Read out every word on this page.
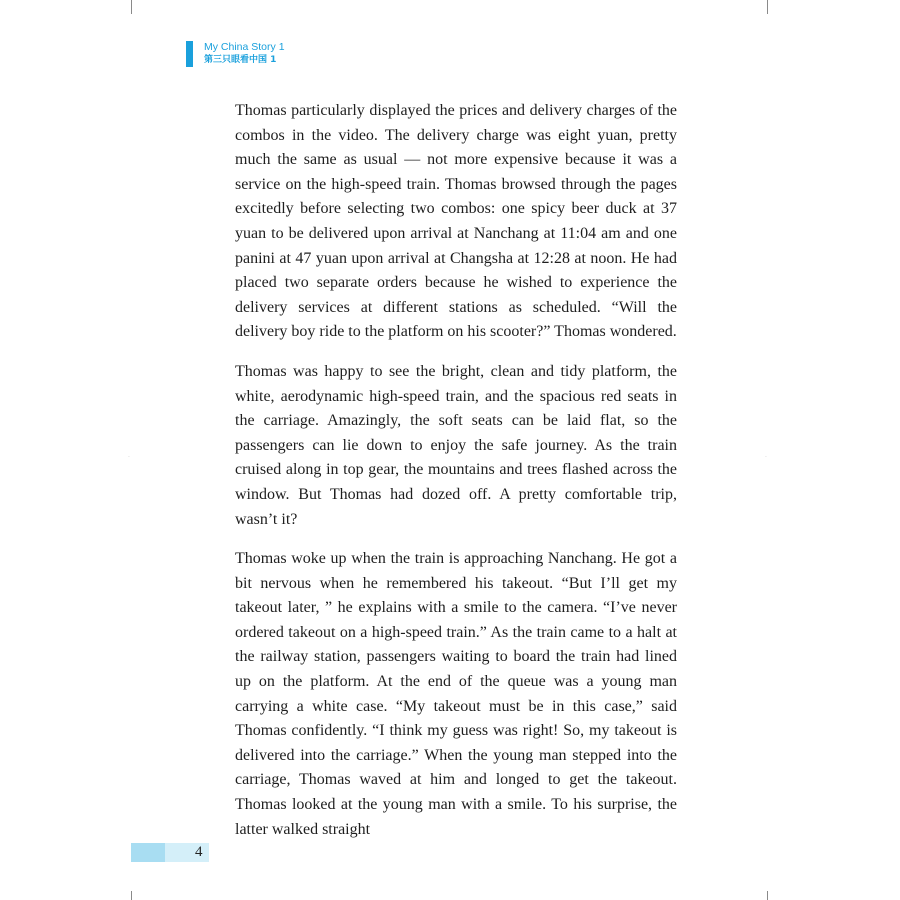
·	·
My China Story 1
第三只眼看中国 1

Thomas particularly displayed the prices and delivery charges of the combos in the video. The delivery charge was eight yuan, pretty much the same as usual — not more expensive because it was a service on the high-speed train. Thomas browsed through the pages excitedly before selecting two combos: one spicy beer duck at 37 yuan to be delivered upon arrival at Nanchang at 11:04 am and one panini at 47 yuan upon arrival at Changsha at 12:28 at noon. He had placed two separate orders because he wished to experience the delivery services at different stations as scheduled. “Will the delivery boy ride to the platform on his scooter?” Thomas wondered.

Thomas was happy to see the bright, clean and tidy platform, the white, aerodynamic high-speed train, and the spacious red seats in the carriage. Amazingly, the soft seats can be laid flat, so the passengers can lie down to enjoy the safe journey. As the train cruised along in top gear, the mountains and trees flashed across the window. But Thomas had dozed off. A pretty comfortable trip, wasn’t it?

Thomas woke up when the train is approaching Nanchang. He got a bit nervous when he remembered his takeout. “But I’ll get my takeout later, ” he explains with a smile to the camera. “I’ve never ordered takeout on a high-speed train.” As the train came to a halt at the railway station, passengers waiting to board the train had lined up on the platform. At the end of the queue was a young man carrying a white case. “My takeout must be in this case,” said Thomas confidently. “I think my guess was right! So, my takeout is delivered into the carriage.” When the young man stepped into the carriage, Thomas waved at him and longed to get the takeout. Thomas looked at the young man with a smile. To his surprise, the latter walked straight

4
